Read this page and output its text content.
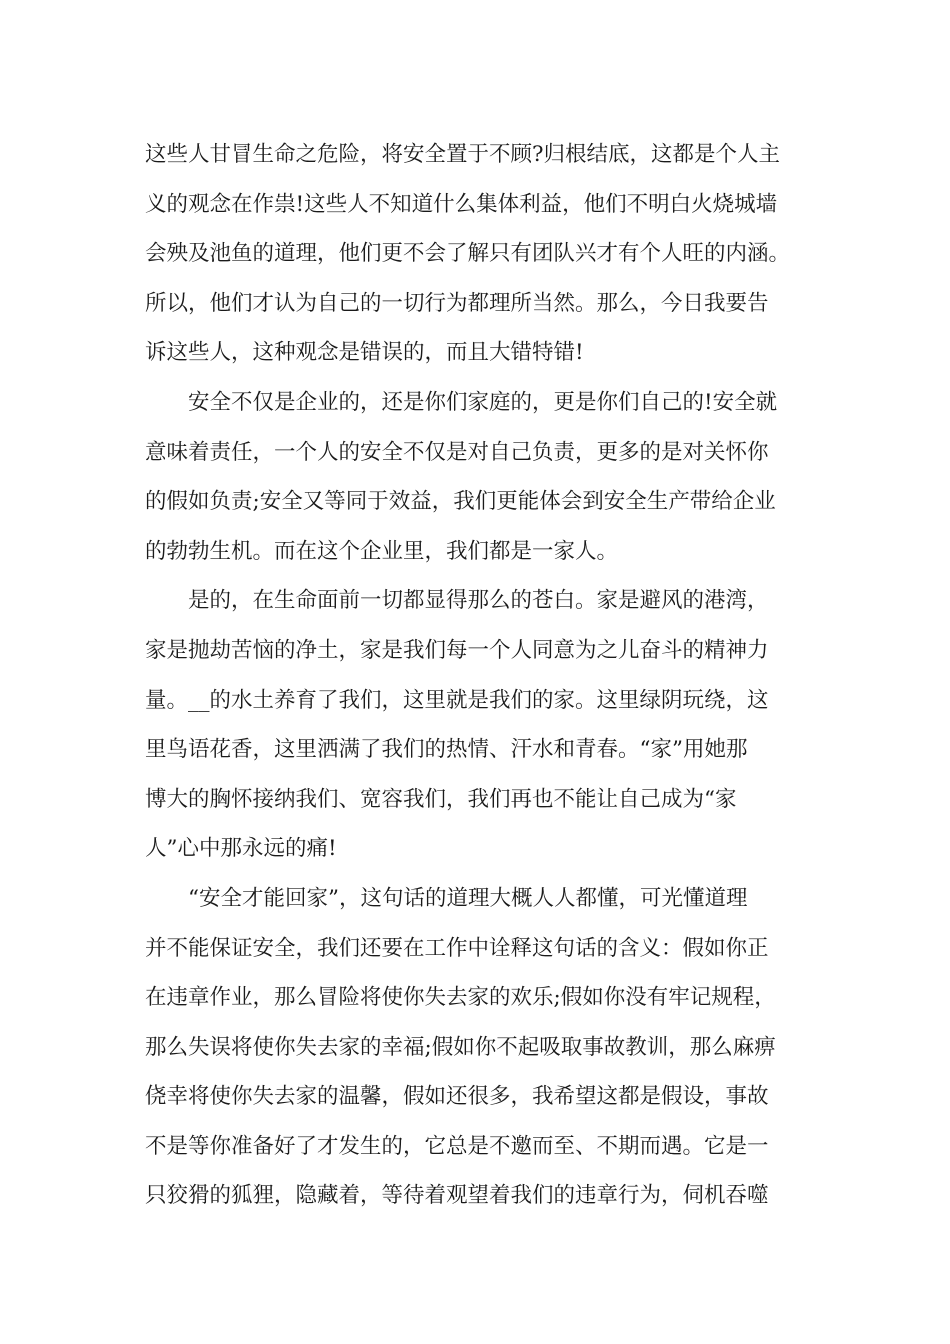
这些人甘冒生命之危险，将安全置于不顾?归根结底，这都是个人主
义的观念在作祟!这些人不知道什么集体利益，他们不明白火烧城墙
会殃及池鱼的道理，他们更不会了解只有团队兴才有个人旺的内涵。
所以，他们才认为自己的一切行为都理所当然。那么，今日我要告
诉这些人，这种观念是错误的，而且大错特错!
安全不仅是企业的，还是你们家庭的，更是你们自己的!安全就
意味着责任，一个人的安全不仅是对自己负责，更多的是对关怀你
的假如负责;安全又等同于效益，我们更能体会到安全生产带给企业
的勃勃生机。而在这个企业里，我们都是一家人。
是的，在生命面前一切都显得那么的苍白。家是避风的港湾，
家是抛劫苦恼的净土，家是我们每一个人同意为之儿奋斗的精神力
量。__的水土养育了我们，这里就是我们的家。这里绿阴玩绕，这
里鸟语花香，这里洒满了我们的热情、汗水和青春。“家”用她那
博大的胸怀接纳我们、宽容我们，我们再也不能让自己成为“家
人”心中那永远的痛!
“安全才能回家”，这句话的道理大概人人都懂，可光懂道理
并不能保证安全，我们还要在工作中诠释这句话的含义：假如你正
在违章作业，那么冒险将使你失去家的欢乐;假如你没有牢记规程，
那么失误将使你失去家的幸福;假如你不起吸取事故教训，那么麻痹
侥幸将使你失去家的温馨，假如还很多，我希望这都是假设，事故
不是等你准备好了才发生的，它总是不邀而至、不期而遇。它是一
只狡猾的狐狸，隐藏着，等待着观望着我们的违章行为，伺机吞噬
